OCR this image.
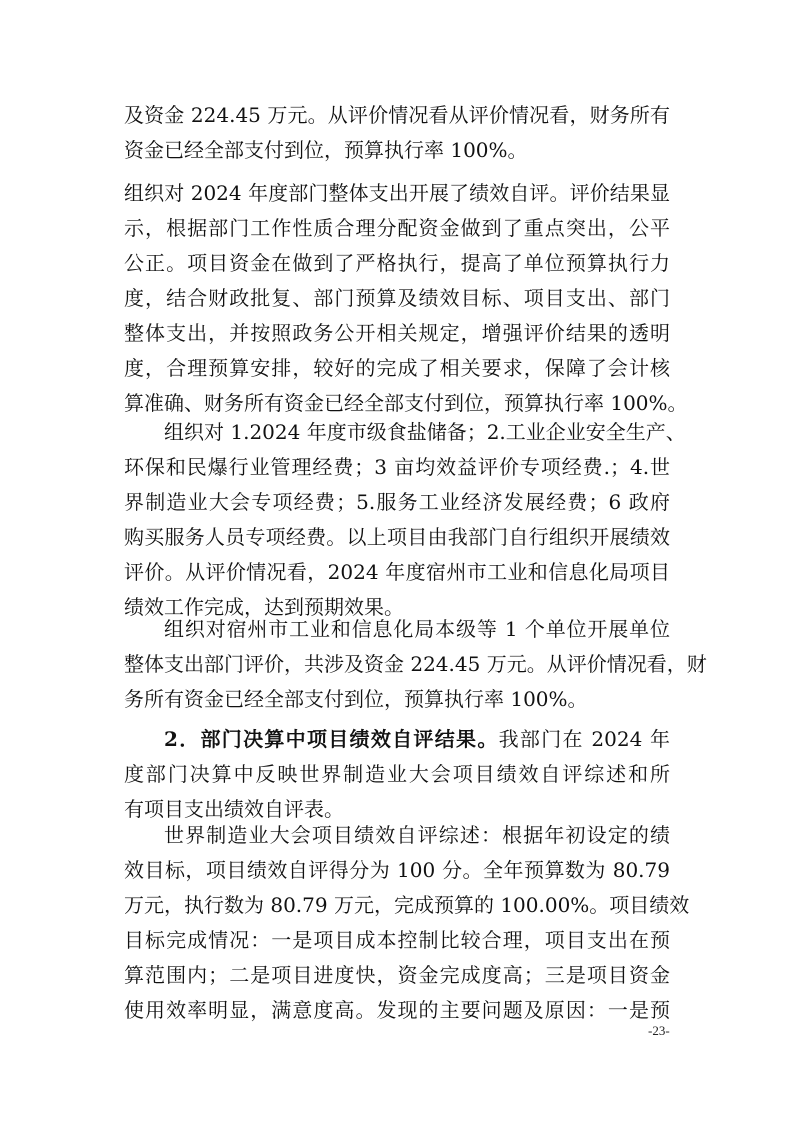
及资金 224.45 万元。从评价情况看从评价情况看，财务所有
资金已经全部支付到位，预算执行率 100%。
组织对 2024 年度部门整体支出开展了绩效自评。评价结果显
示，根据部门工作性质合理分配资金做到了重点突出，公平
公正。项目资金在做到了严格执行，提高了单位预算执行力
度，结合财政批复、部门预算及绩效目标、项目支出、部门
整体支出，并按照政务公开相关规定，增强评价结果的透明
度，合理预算安排，较好的完成了相关要求，保障了会计核
算准确、财务所有资金已经全部支付到位，预算执行率 100%。
组织对 1.2024 年度市级食盐储备；2.工业企业安全生产、
环保和民爆行业管理经费；3 亩均效益评价专项经费.；4.世
界制造业大会专项经费；5.服务工业经济发展经费；6 政府
购买服务人员专项经费。以上项目由我部门自行组织开展绩效
评价。从评价情况看，2024 年度宿州市工业和信息化局项目
绩效工作完成，达到预期效果。
组织对宿州市工业和信息化局本级等 1 个单位开展单位
整体支出部门评价，共涉及资金 224.45 万元。从评价情况看，财
务所有资金已经全部支付到位，预算执行率 100%。
2．部门决算中项目绩效自评结果。我部门在 2024 年
度部门决算中反映世界制造业大会项目绩效自评综述和所
有项目支出绩效自评表。
世界制造业大会项目绩效自评综述：根据年初设定的绩
效目标，项目绩效自评得分为 100 分。全年预算数为 80.79
万元，执行数为 80.79 万元，完成预算的 100.00%。项目绩效
目标完成情况：一是项目成本控制比较合理，项目支出在预
算范围内；二是项目进度快，资金完成度高；三是项目资金
使用效率明显，满意度高。发现的主要问题及原因：一是预
-23-
